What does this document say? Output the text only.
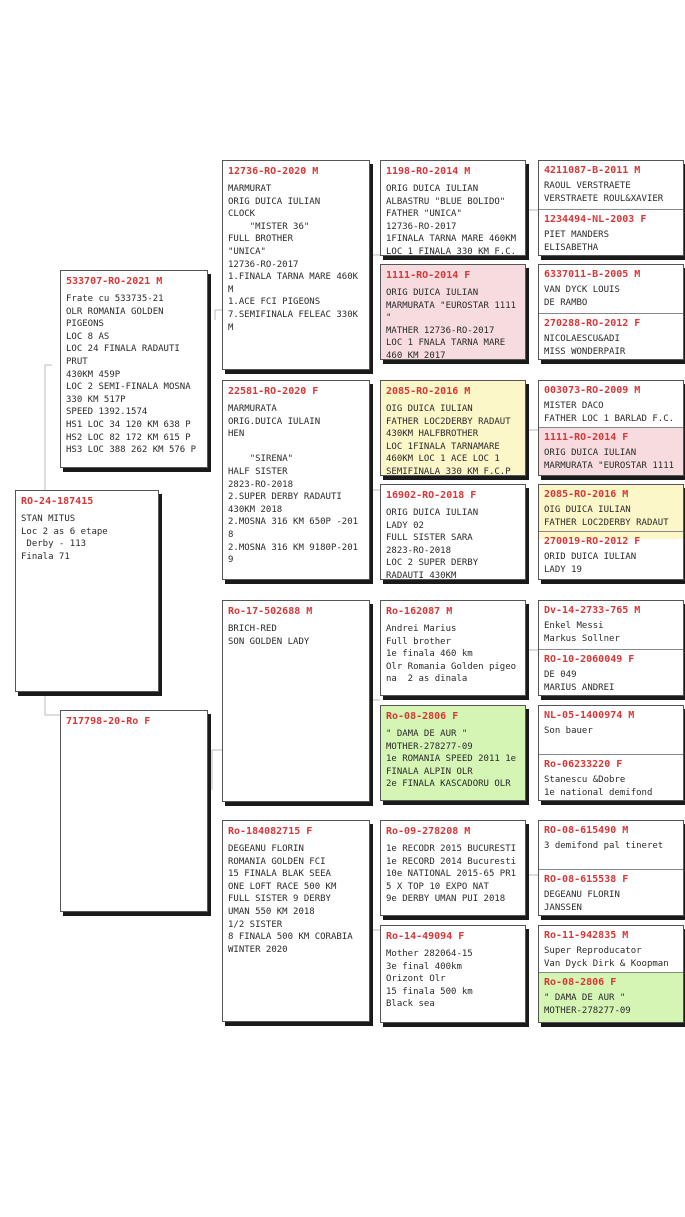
RO-24-187415
STAN MITUS
Loc 2 as 6 etape
Derby - 113
Finala 71
533707-RO-2021 M
Frate cu 533735-21
OLR ROMANIA GOLDEN
PIGEONS
LOC 8 AS
LOC 24 FINALA RADAUTI
PRUT
430KM 459P
LOC 2 SEMI-FINALA MOSNA
330 KM 517P
SPEED 1392.1574
HS1 LOC 34 120 KM 638 P
HS2 LOC 82 172 KM 615 P
HS3 LOC 388 262 KM 576 P
717798-20-Ro F
12736-RO-2020 M
MARMURAT
ORIG DUICA IULIAN
CLOCK
"MISTER 36"
FULL BROTHER
"UNICA"
12736-RO-2017
1.FINALA TARNA MARE 460K
M
1.ACE FCI PIGEONS
7.SEMIFINALA FELEAC 330K
M
22581-RO-2020 F
MARMURATA
ORIG.DUICA IULAIN
HEN

"SIRENA"
HALF SISTER
2823-RO-2018
2.SUPER DERBY RADAUTI
430KM 2018
2.MOSNA 316 KM 650P -201
8
2.MOSNA 316 KM 9180P-201
9
Ro-17-502688 M
BRICH-RED
SON GOLDEN LADY
Ro-184082715 F
DEGEANU FLORIN
ROMANIA GOLDEN FCI
15 FINALA BLAK SEEA
ONE LOFT RACE 500 KM
FULL SISTER 9 DERBY
UMAN 550 KM 2018
1/2 SISTER
8 FINALA 500 KM CORABIA
WINTER 2020
1198-RO-2014 M
ORIG DUICA IULIAN
ALBASTRU "BLUE BOLIDO"
FATHER "UNICA"
12736-RO-2017
1FINALA TARNA MARE 460KM
LOC 1 FINALA 330 KM F.C.
1111-RO-2014 F
ORIG DUICA IULIAN
MARMURATA "EUROSTAR 1111
"
MATHER 12736-RO-2017
LOC 1 FNALA TARNA MARE
460 KM 2017
2085-RO-2016 M
OIG DUICA IULIAN
FATHER LOC2DERBY RADAUT
430KM HALFBROTHER
LOC 1FINALA TARNAMARE
460KM LOC 1 ACE LOC 1
SEMIFINALA 330 KM F.C.P
16902-RO-2018 F
ORIG DUICA IULIAN
LADY 02
FULL SISTER SARA
2823-RO-2018
LOC 2 SUPER DERBY
RADAUTI 430KM
Ro-162087 M
Andrei Marius
Full brother
1e finala 460 km
Olr Romania Golden pigeo
na  2 as dinala
Ro-08-2806 F
" DAMA DE AUR "
MOTHER-278277-09
1e ROMANIA SPEED 2011 1e
FINALA ALPIN OLR
2e FINALA KASCADORU OLR
Ro-09-278208 M
1e RECODR 2015 BUCURESTI
1e RECORD 2014 Bucuresti
10e NATIONAL 2015-65 PR1
5 X TOP 10 EXPO NAT
9e DERBY UMAN PUI 2018
Ro-14-49094 F
Mother 282064-15
3e final 400km
Orizont Olr
15 finala 500 km
Black sea
4211087-B-2011 M
RAOUL VERSTRAETE
VERSTRAETE ROUL&XAVIER
1234494-NL-2003 F
PIET MANDERS
ELISABETHA
6337011-B-2005 M
VAN DYCK LOUIS
DE RAMBO
270288-RO-2012 F
NICOLAESCU&ADI
MISS WONDERPAIR
003073-RO-2009 M
MISTER DACO
FATHER LOC 1 BARLAD F.C.
1111-RO-2014 F
ORIG DUICA IULIAN
MARMURATA "EUROSTAR 1111
2085-RO-2016 M
OIG DUICA IULIAN
FATHER LOC2DERBY RADAUT
270019-RO-2012 F
ORID DUICA IULIAN
LADY 19
Dv-14-2733-765 M
Enkel Messi
Markus Sollner
RO-10-2060049 F
DE 049
MARIUS ANDREI
NL-05-1400974 M
Son bauer
Ro-06233220 F
Stanescu &Dobre
1e national demifond
RO-08-615490 M
3 demifond pal tineret
RO-08-615538 F
DEGEANU FLORIN
JANSSEN
Ro-11-942835 M
Super Reproducator
Van Dyck Dirk & Koopman
Ro-08-2806 F
" DAMA DE AUR "
MOTHER-278277-09
